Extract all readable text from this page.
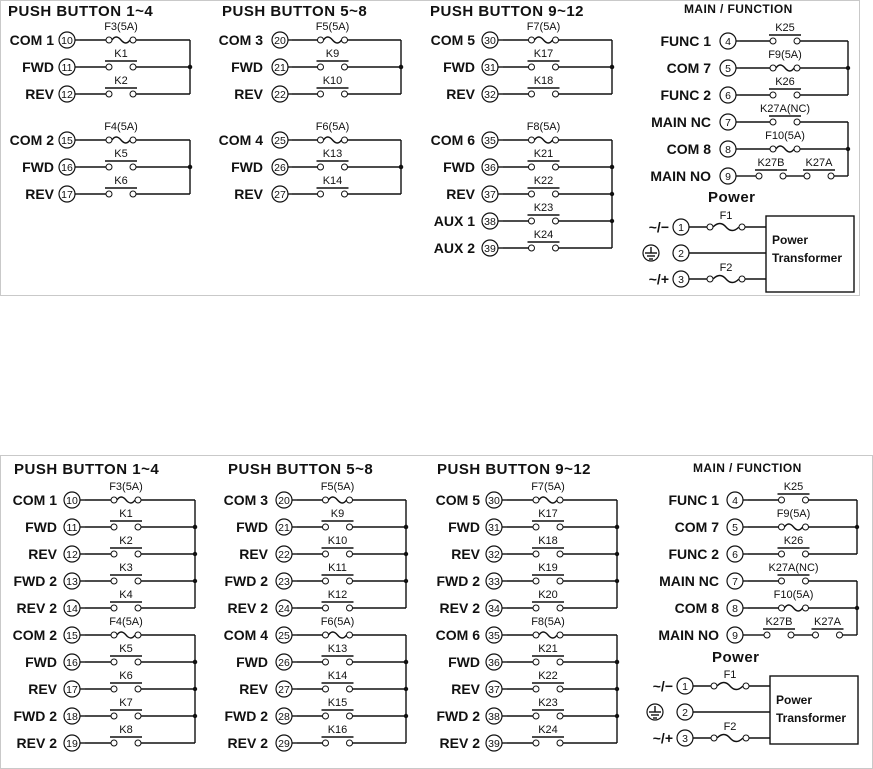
PUSH BUTTON 1~4
COM 1 10
F3(5A)
FWD 11
K1
REV 12
K2
COM 2 15
F4(5A)
FWD 16
K5
REV 17
K6
PUSH BUTTON 5~8
COM 3 20
F5(5A)
FWD 21
K9
REV 22
K10
COM 4 25
F6(5A)
FWD 26
K13
REV 27
K14
PUSH BUTTON 9~12
COM 5 30
F7(5A)
FWD 31
K17
REV 32
K18
COM 6 35
F8(5A)
FWD 36
K21
REV 37
K22
AUX 1 38
K23
AUX 2 39
K24
MAIN / FUNCTION
FUNC 1 4
K25
COM 7 5
F9(5A)
FUNC 2 6
K26
MAIN NC 7
K27A(NC)
COM 8 8
F10(5A)
MAIN NO 9
K27B K27A
Power
~/− 1
F1
2
~/+ 3
F2
Power
Transformer
PUSH BUTTON 1~4
COM 1 10
F3(5A)
FWD 11
K1
REV 12
K2
FWD 2 13
K3
REV 2 14
K4
COM 2 15
F4(5A)
FWD 16
K5
REV 17
K6
FWD 2 18
K7
REV 2 19
K8
PUSH BUTTON 5~8
COM 3 20
F5(5A)
FWD 21
K9
REV 22
K10
FWD 2 23
K11
REV 2 24
K12
COM 4 25
F6(5A)
FWD 26
K13
REV 27
K14
FWD 2 28
K15
REV 2 29
K16
PUSH BUTTON 9~12
COM 5 30
F7(5A)
FWD 31
K17
REV 32
K18
FWD 2 33
K19
REV 2 34
K20
COM 6 35
F8(5A)
FWD 36
K21
REV 37
K22
FWD 2 38
K23
REV 2 39
K24
MAIN / FUNCTION
FUNC 1 4
K25
COM 7 5
F9(5A)
FUNC 2 6
K26
MAIN NC 7
K27A(NC)
COM 8 8
F10(5A)
MAIN NO 9
K27B K27A
Power
~/− 1
F1
2
~/+ 3
F2
Power
Transformer
